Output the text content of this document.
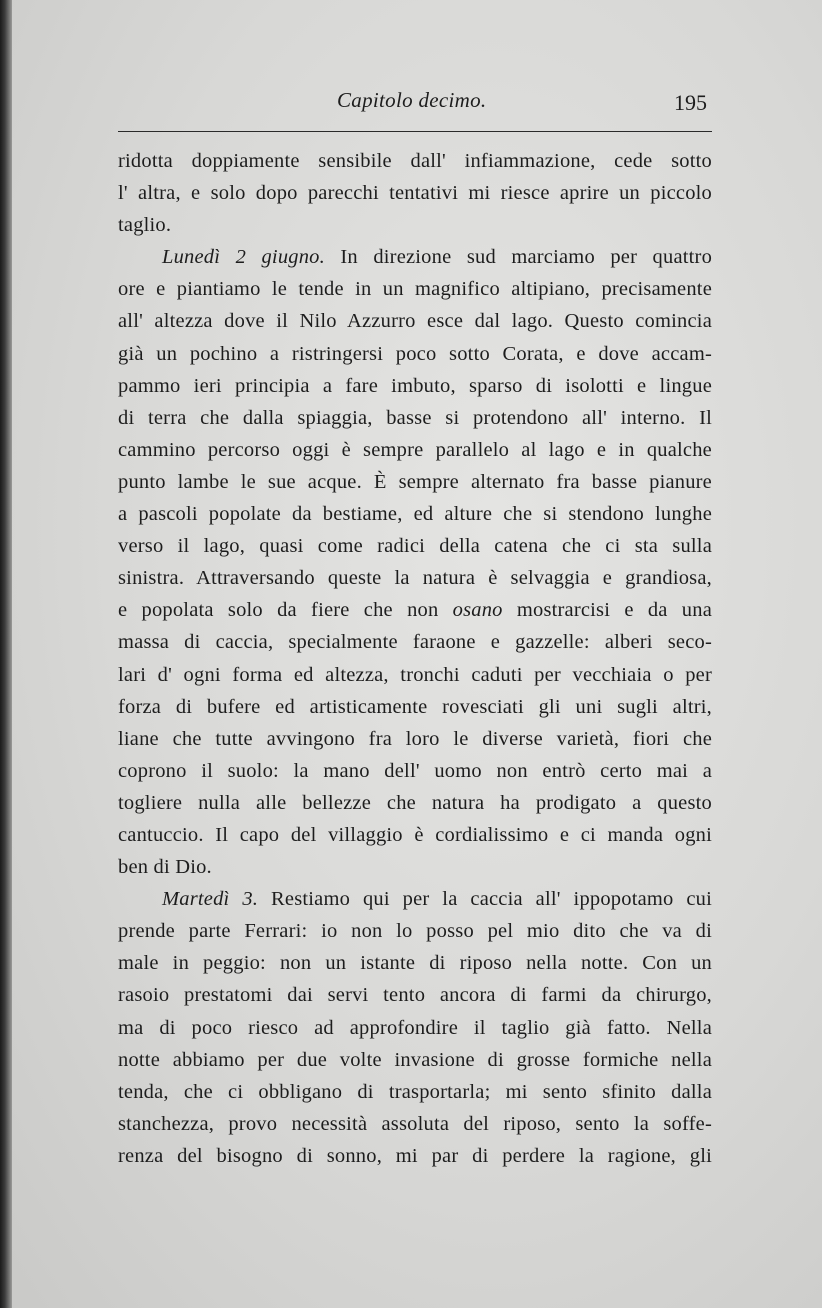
Capitolo decimo.	195
ridotta doppiamente sensibile dall' infiammazione, cede sotto
l' altra, e solo dopo parecchi tentativi mi riesce aprire un piccolo
taglio.
Lunedì 2 giugno. In direzione sud marciamo per quattro
ore e piantiamo le tende in un magnifico altipiano, precisamente
all' altezza dove il Nilo Azzurro esce dal lago. Questo comincia
già un pochino a ristringersi poco sotto Corata, e dove accam-
pammo ieri principia a fare imbuto, sparso di isolotti e lingue
di terra che dalla spiaggia, basse si protendono all' interno. Il
cammino percorso oggi è sempre parallelo al lago e in qualche
punto lambe le sue acque. È sempre alternato fra basse pianure
a pascoli popolate da bestiame, ed alture che si stendono lunghe
verso il lago, quasi come radici della catena che ci sta sulla
sinistra. Attraversando queste la natura è selvaggia e grandiosa,
e popolata solo da fiere che non osano mostrarcisi e da una
massa di caccia, specialmente faraone e gazzelle: alberi seco-
lari d' ogni forma ed altezza, tronchi caduti per vecchiaia o per
forza di bufere ed artisticamente rovesciati gli uni sugli altri,
liane che tutte avvingono fra loro le diverse varietà, fiori che
coprono il suolo: la mano dell' uomo non entrò certo mai a
togliere nulla alle bellezze che natura ha prodigato a questo
cantuccio. Il capo del villaggio è cordialissimo e ci manda ogni
ben di Dio.
Martedì 3. Restiamo qui per la caccia all' ippopotamo cui
prende parte Ferrari: io non lo posso pel mio dito che va di
male in peggio: non un istante di riposo nella notte. Con un
rasoio prestatomi dai servi tento ancora di farmi da chirurgo,
ma di poco riesco ad approfondire il taglio già fatto. Nella
notte abbiamo per due volte invasione di grosse formiche nella
tenda, che ci obbligano di trasportarla; mi sento sfinito dalla
stanchezza, provo necessità assoluta del riposo, sento la soffe-
renza del bisogno di sonno, mi par di perdere la ragione, gli
